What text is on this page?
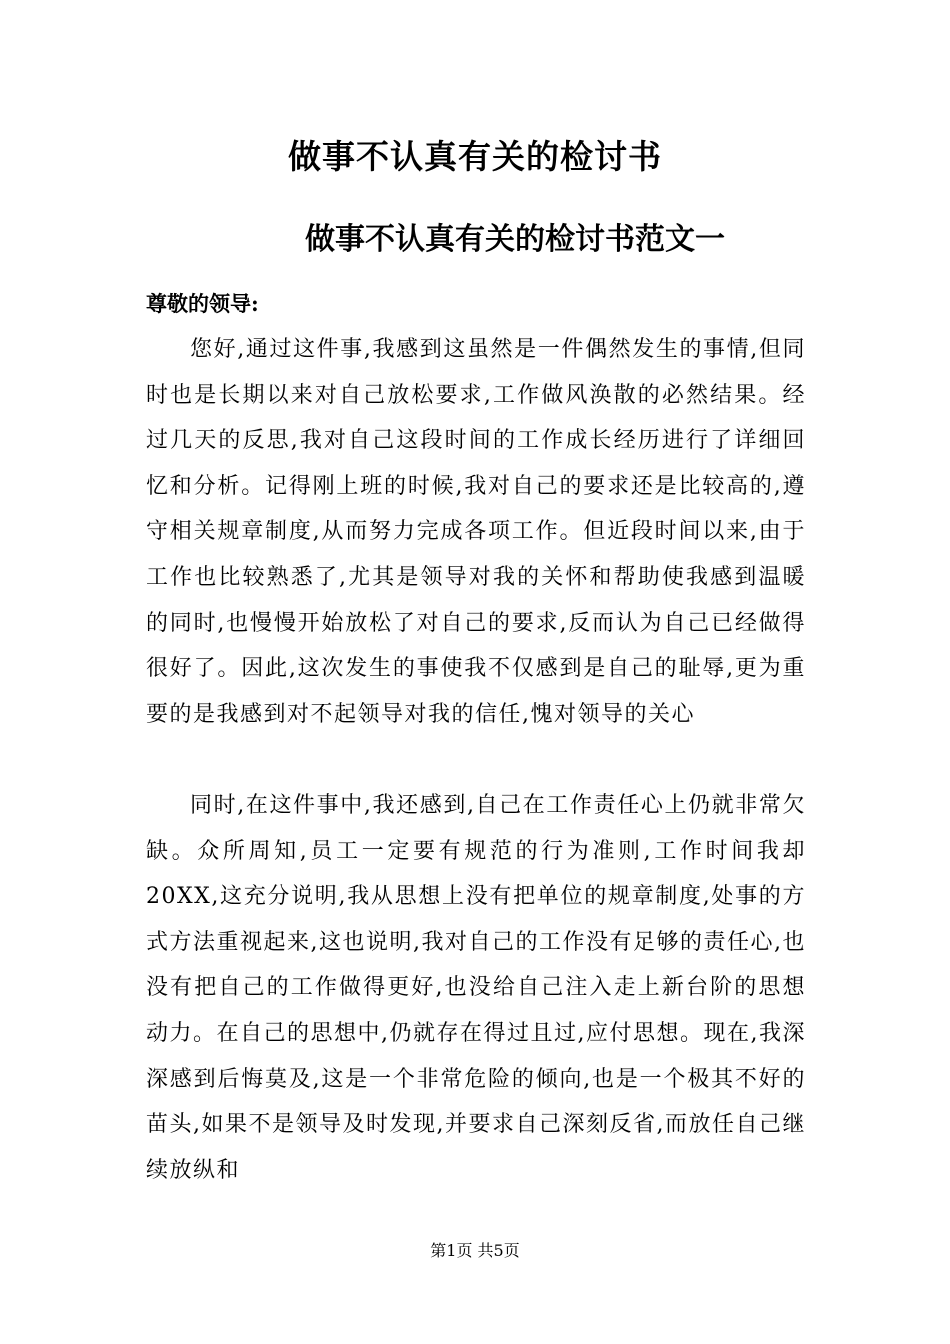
做事不认真有关的检讨书
做事不认真有关的检讨书范文一

尊敬的领导:

您好,通过这件事,我感到这虽然是一件偶然发生的事情,但同时也是长期以来对自己放松要求,工作做风涣散的必然结果。经过几天的反思,我对自己这段时间的工作成长经历进行了详细回忆和分析。记得刚上班的时候,我对自己的要求还是比较高的,遵守相关规章制度,从而努力完成各项工作。但近段时间以来,由于工作也比较熟悉了,尤其是领导对我的关怀和帮助使我感到温暖的同时,也慢慢开始放松了对自己的要求,反而认为自己已经做得很好了。因此,这次发生的事使我不仅感到是自己的耻辱,更为重要的是我感到对不起领导对我的信任,愧对领导的关心

同时,在这件事中,我还感到,自己在工作责任心上仍就非常欠缺。众所周知,员工一定要有规范的行为准则,工作时间我却20XX,这充分说明,我从思想上没有把单位的规章制度,处事的方式方法重视起来,这也说明,我对自己的工作没有足够的责任心,也没有把自己的工作做得更好,也没给自己注入走上新台阶的思想动力。在自己的思想中,仍就存在得过且过,应付思想。现在,我深深感到后悔莫及,这是一个非常危险的倾向,也是一个极其不好的苗头,如果不是领导及时发现,并要求自己深刻反省,而放任自己继续放纵和

第1页 共5页
